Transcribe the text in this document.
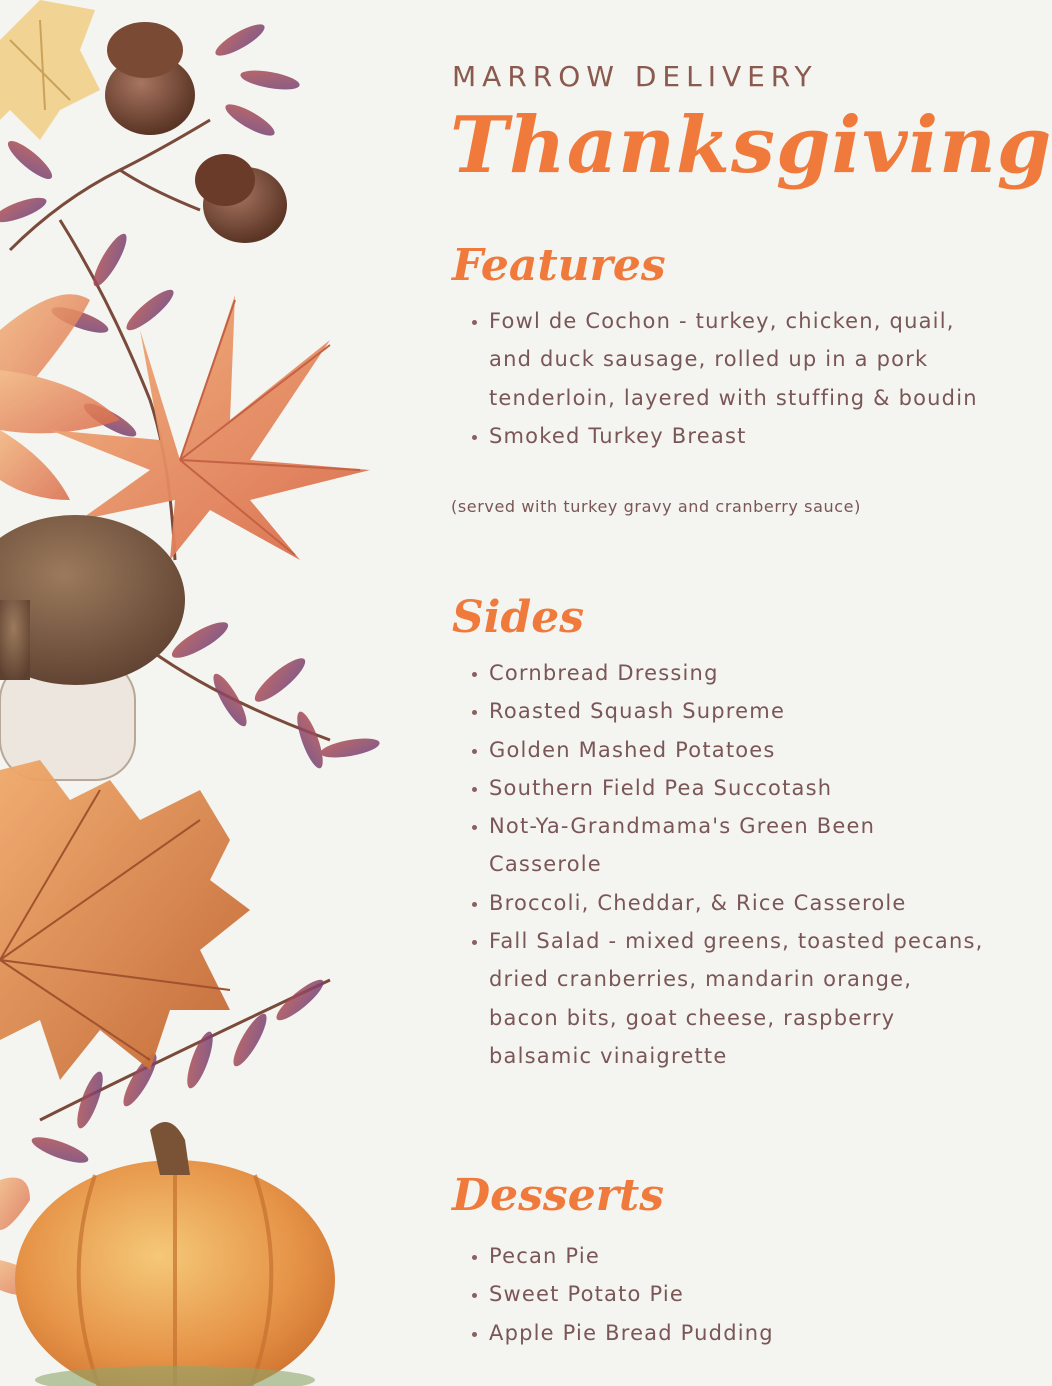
MARROW DELIVERY
Thanksgiving
Features
• Fowl de Cochon - turkey, chicken, quail, and duck sausage, rolled up in a pork tenderloin, layered with stuffing & boudin
• Smoked Turkey Breast
(served with turkey gravy and cranberry sauce)
Sides
• Cornbread Dressing
• Roasted Squash Supreme
• Golden Mashed Potatoes
• Southern Field Pea Succotash
• Not-Ya-Grandmama's Green Been Casserole
• Broccoli, Cheddar, & Rice Casserole
• Fall Salad - mixed greens, toasted pecans, dried cranberries, mandarin orange, bacon bits, goat cheese, raspberry balsamic vinaigrette
Desserts
• Pecan Pie
• Sweet Potato Pie
• Apple Pie Bread Pudding
